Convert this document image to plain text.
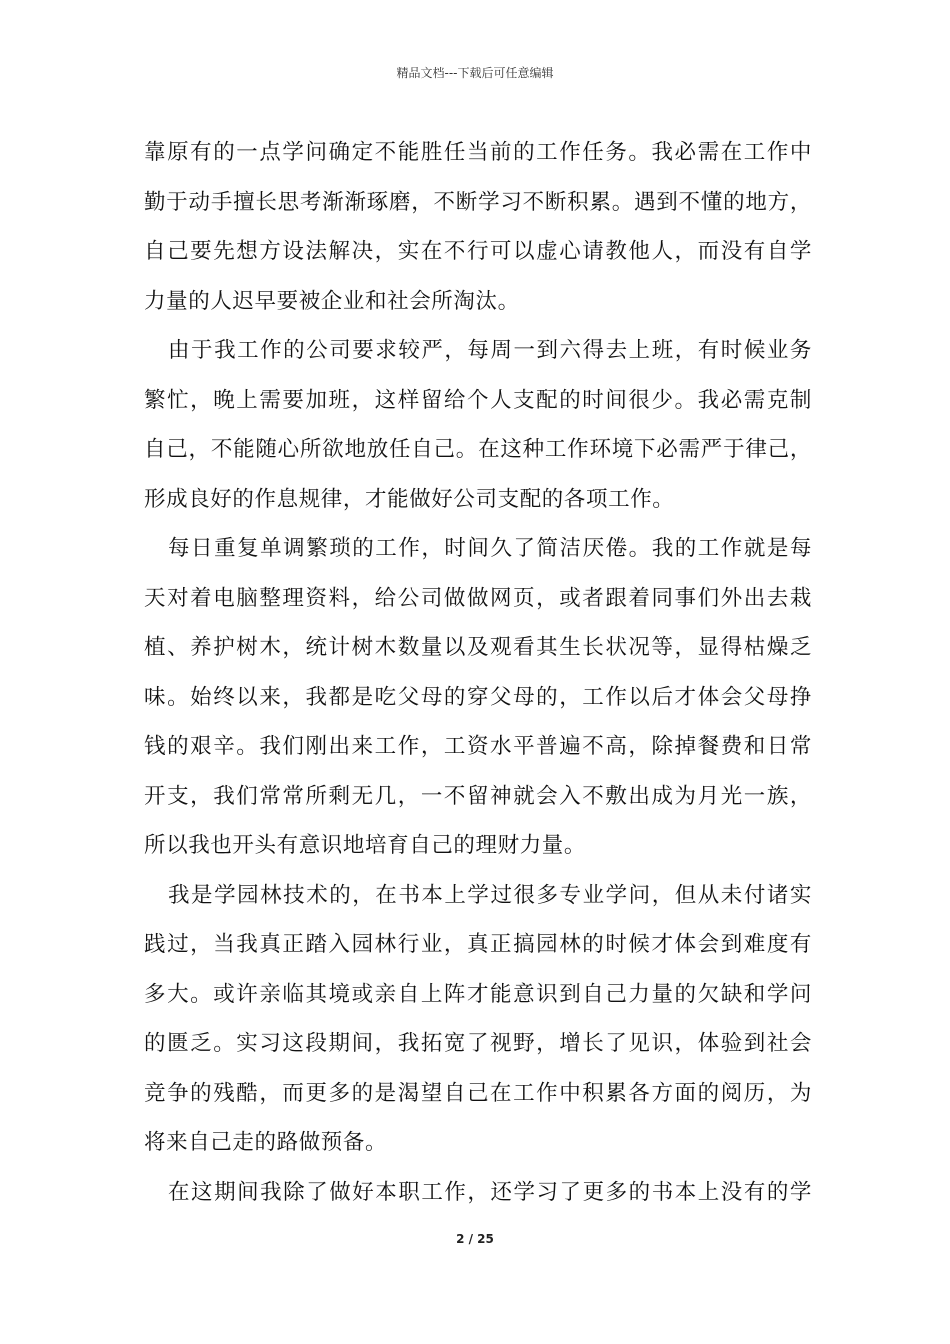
精品文档---下载后可任意编辑
靠原有的一点学问确定不能胜任当前的工作任务。我必需在工作中
勤于动手擅长思考渐渐琢磨，不断学习不断积累。遇到不懂的地方，
自己要先想方设法解决，实在不行可以虚心请教他人，而没有自学
力量的人迟早要被企业和社会所淘汰。
由于我工作的公司要求较严，每周一到六得去上班，有时候业务
繁忙，晚上需要加班，这样留给个人支配的时间很少。我必需克制
自己，不能随心所欲地放任自己。在这种工作环境下必需严于律己，
形成良好的作息规律，才能做好公司支配的各项工作。
每日重复单调繁琐的工作，时间久了简洁厌倦。我的工作就是每
天对着电脑整理资料，给公司做做网页，或者跟着同事们外出去栽
植、养护树木，统计树木数量以及观看其生长状况等，显得枯燥乏
味。始终以来，我都是吃父母的穿父母的，工作以后才体会父母挣
钱的艰辛。我们刚出来工作，工资水平普遍不高，除掉餐费和日常
开支，我们常常所剩无几，一不留神就会入不敷出成为月光一族，
所以我也开头有意识地培育自己的理财力量。
我是学园林技术的，在书本上学过很多专业学问，但从未付诸实
践过，当我真正踏入园林行业，真正搞园林的时候才体会到难度有
多大。或许亲临其境或亲自上阵才能意识到自己力量的欠缺和学问
的匮乏。实习这段期间，我拓宽了视野，增长了见识，体验到社会
竞争的残酷，而更多的是渴望自己在工作中积累各方面的阅历，为
将来自己走的路做预备。
在这期间我除了做好本职工作，还学习了更多的书本上没有的学
2 / 25
